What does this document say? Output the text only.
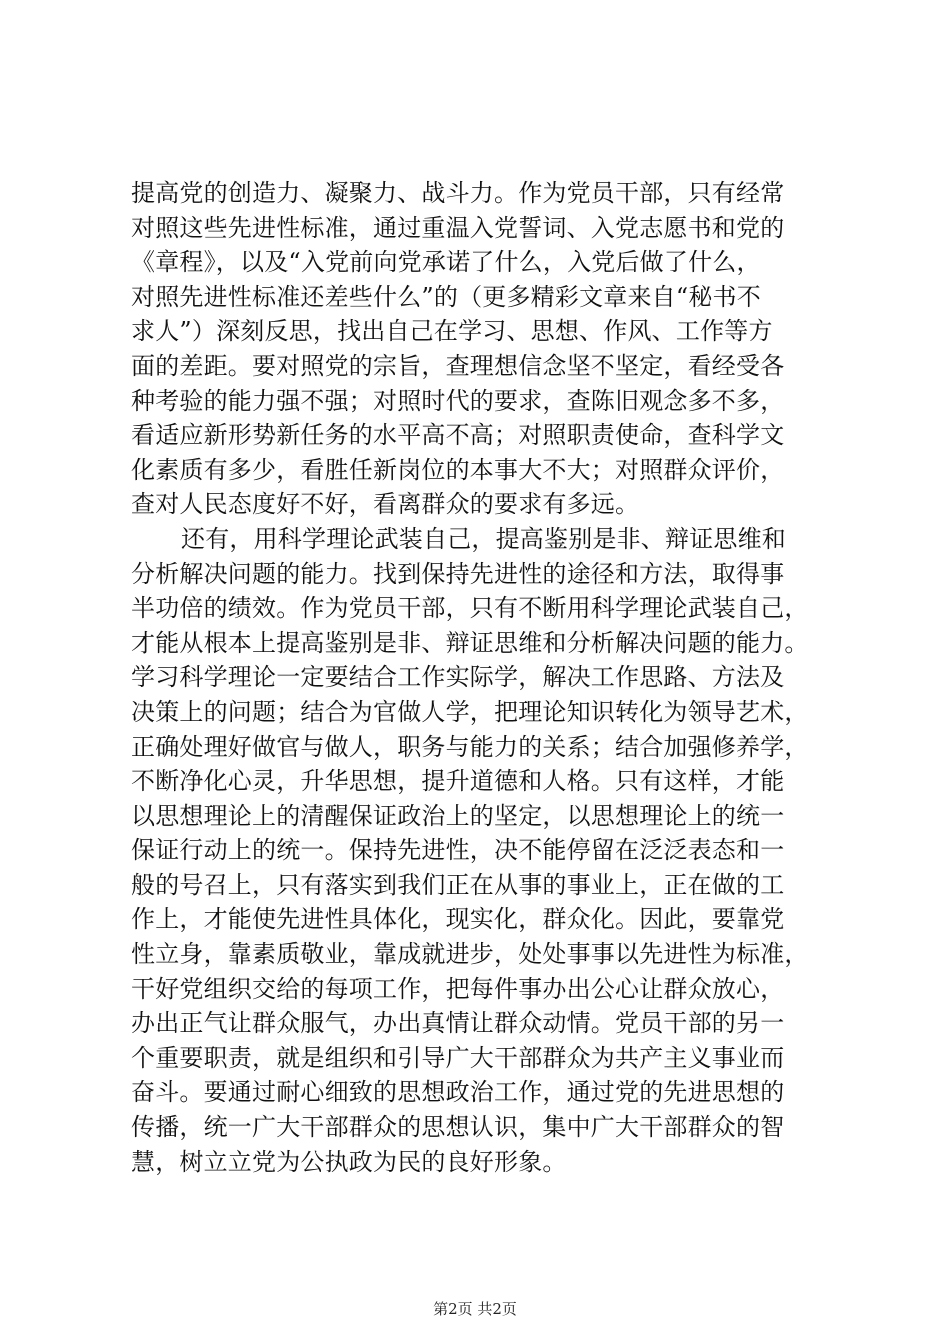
提高党的创造力、凝聚力、战斗力。作为党员干部，只有经常
对照这些先进性标准，通过重温入党誓词、入党志愿书和党的
《章程》，以及“入党前向党承诺了什么，入党后做了什么，
对照先进性标准还差些什么”的（更多精彩文章来自“秘书不
求人”）深刻反思，找出自己在学习、思想、作风、工作等方
面的差距。要对照党的宗旨，查理想信念坚不坚定，看经受各
种考验的能力强不强；对照时代的要求，查陈旧观念多不多，
看适应新形势新任务的水平高不高；对照职责使命，查科学文
化素质有多少，看胜任新岗位的本事大不大；对照群众评价，
查对人民态度好不好，看离群众的要求有多远。
还有，用科学理论武装自己，提高鉴别是非、辩证思维和
分析解决问题的能力。找到保持先进性的途径和方法，取得事
半功倍的绩效。作为党员干部，只有不断用科学理论武装自己，
才能从根本上提高鉴别是非、辩证思维和分析解决问题的能力。
学习科学理论一定要结合工作实际学，解决工作思路、方法及
决策上的问题；结合为官做人学，把理论知识转化为领导艺术，
正确处理好做官与做人，职务与能力的关系；结合加强修养学，
不断净化心灵，升华思想，提升道德和人格。只有这样，才能
以思想理论上的清醒保证政治上的坚定，以思想理论上的统一
保证行动上的统一。保持先进性，决不能停留在泛泛表态和一
般的号召上，只有落实到我们正在从事的事业上，正在做的工
作上，才能使先进性具体化，现实化，群众化。因此，要靠党
性立身，靠素质敬业，靠成就进步，处处事事以先进性为标准，
干好党组织交给的每项工作，把每件事办出公心让群众放心，
办出正气让群众服气，办出真情让群众动情。党员干部的另一
个重要职责，就是组织和引导广大干部群众为共产主义事业而
奋斗。要通过耐心细致的思想政治工作，通过党的先进思想的
传播，统一广大干部群众的思想认识，集中广大干部群众的智
慧，树立立党为公执政为民的良好形象。
第2页 共2页
